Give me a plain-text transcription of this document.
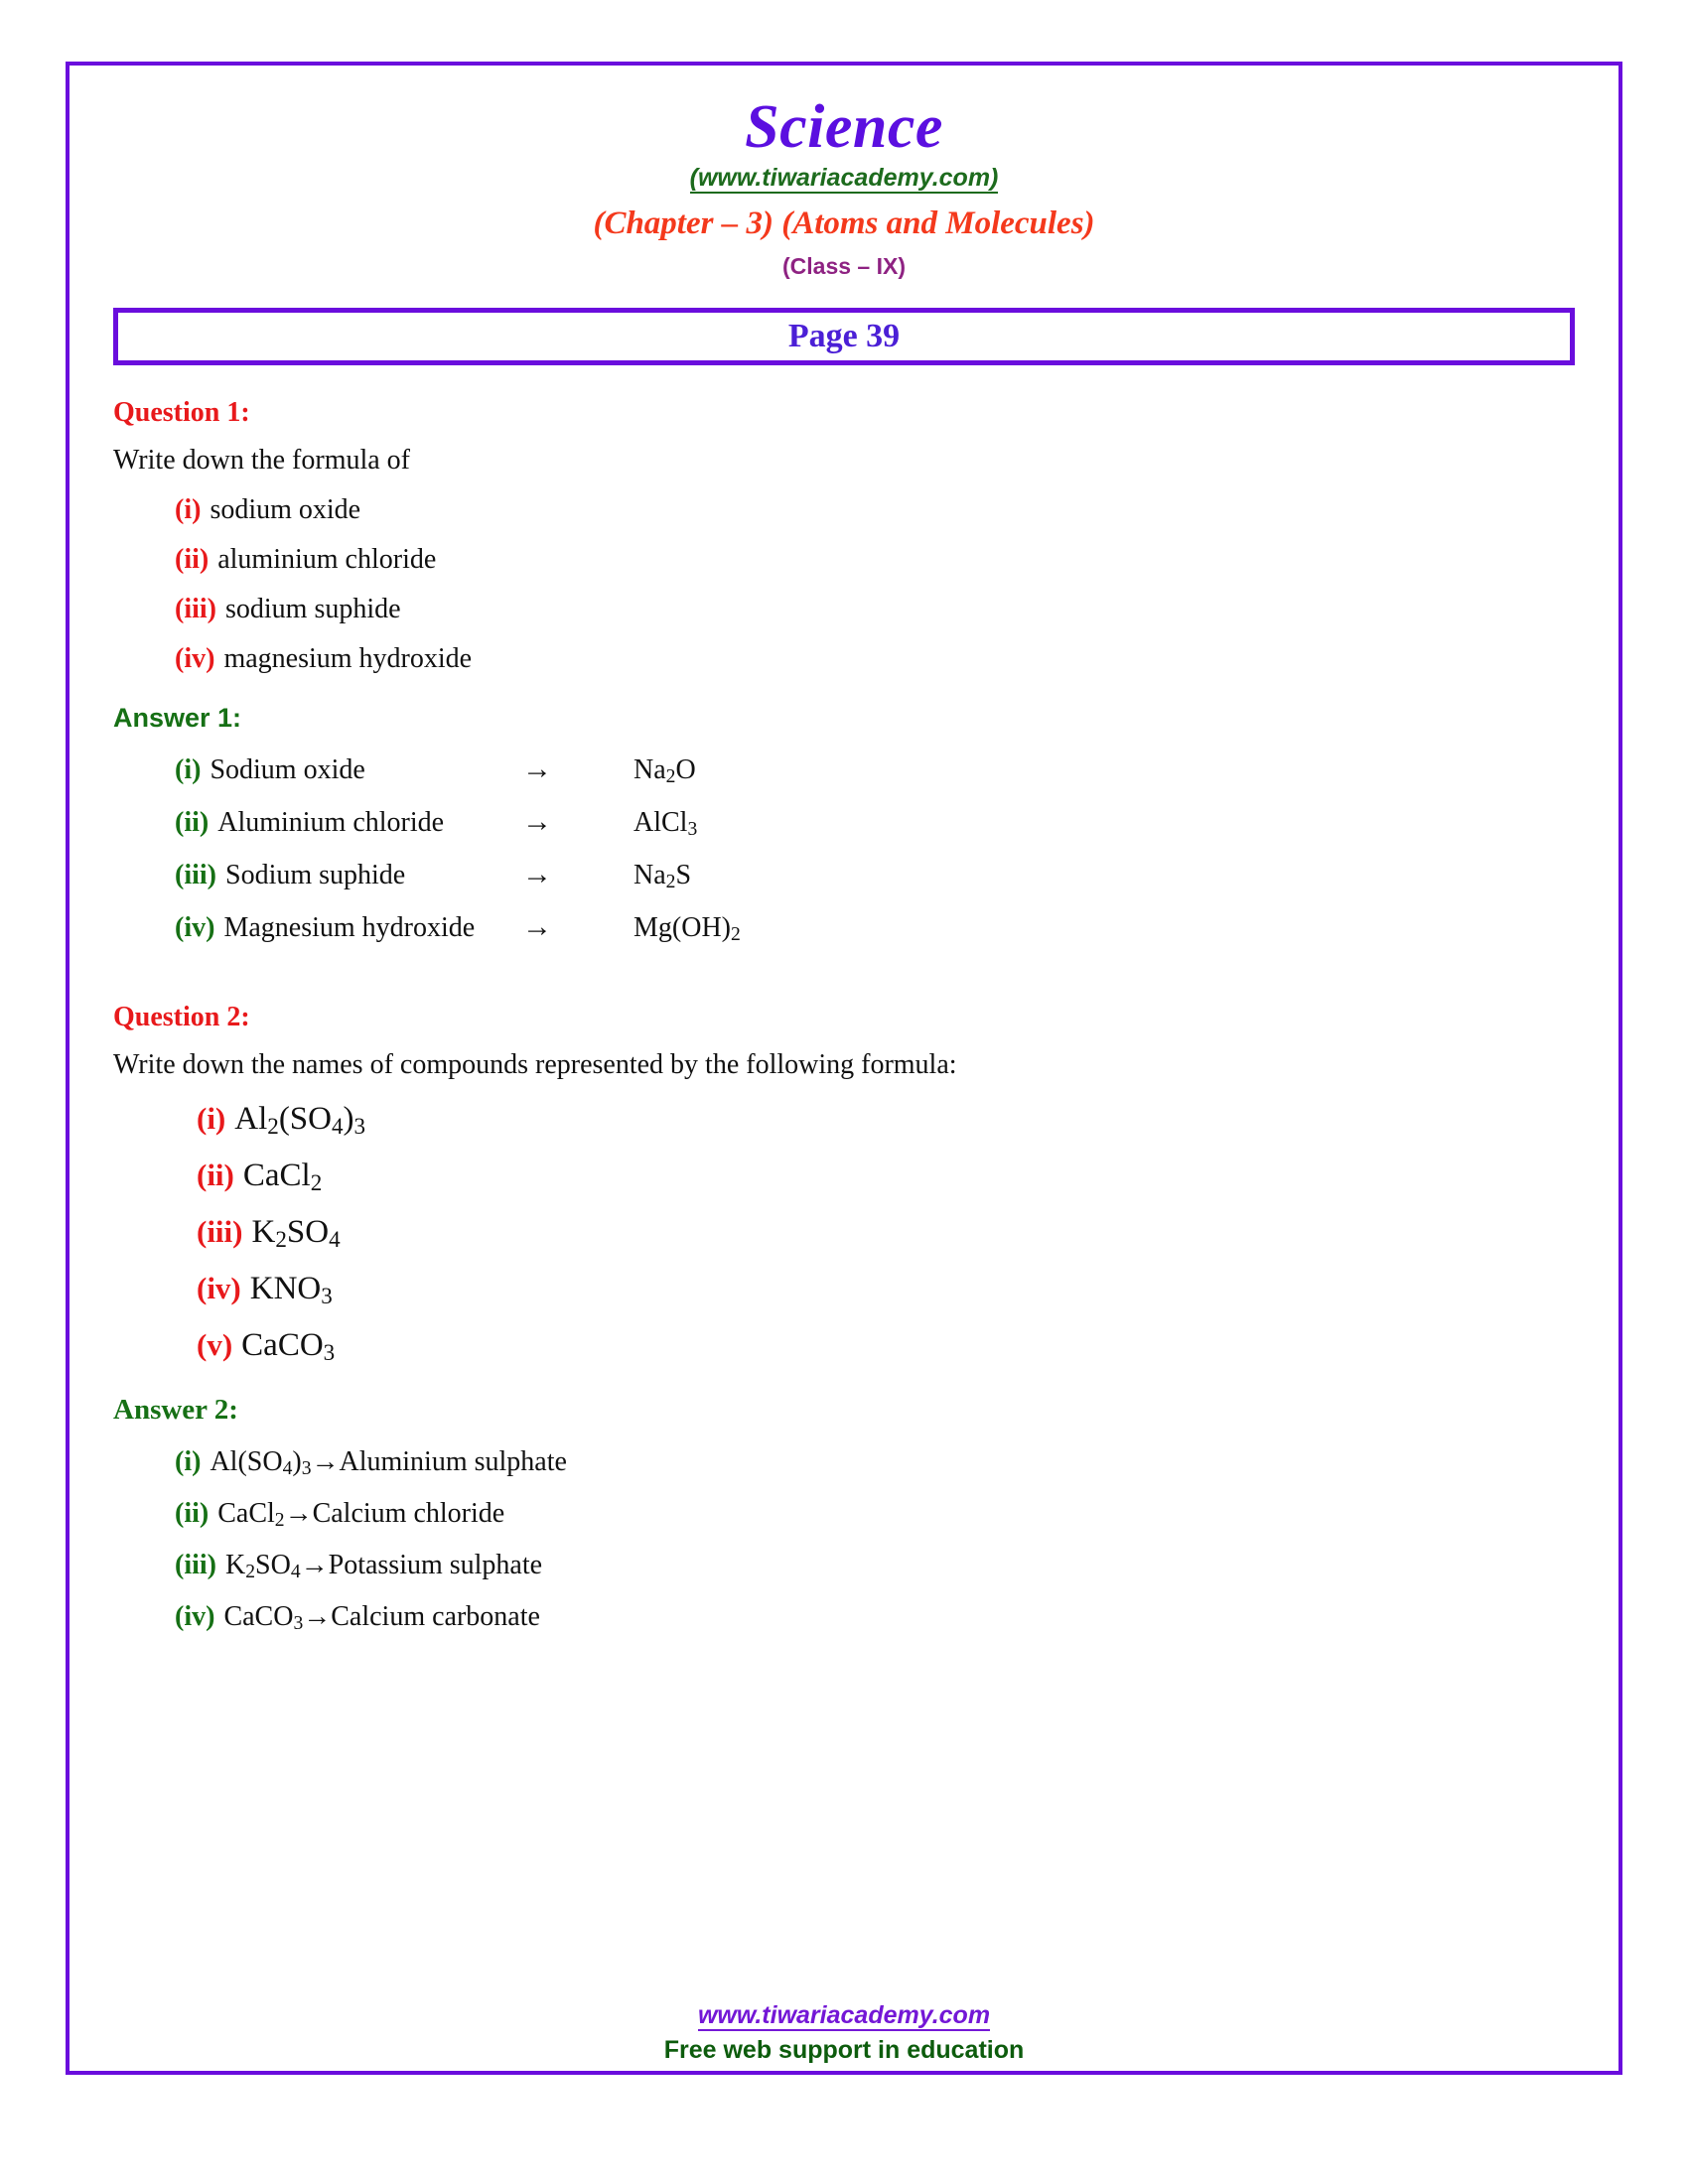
Science
(www.tiwariacademy.com)
(Chapter – 3) (Atoms and Molecules)
(Class – IX)
Page 39
Question 1:
Write down the formula of
(i) sodium oxide
(ii) aluminium chloride
(iii) sodium suphide
(iv) magnesium hydroxide
Answer 1:
(i) Sodium oxide	→	$Na_2O$
(ii) Aluminium chloride	→	AlCl$_3$
(iii) Sodium suphide	→	$Na_2S$
(iv) Magnesium hydroxide →	$Mg(OH)_2$
Question 2:
Write down the names of compounds represented by the following formula:
(i) $Al_2(SO_4)_3$
(ii) CaCl$_2$
(iii) $K_2SO_4$
(iv) $KNO_3$
(v) CaCO$_3$
Answer 2:
(i) $Al(SO_4)_3$ → Aluminium sulphate
(ii) CaCl$_2$ → Calcium chloride
(iii) $K_2SO_4$ → Potassium sulphate
(iv) CaCO$_3$ → Calcium carbonate
www.tiwariacademy.com
Free web support in education
